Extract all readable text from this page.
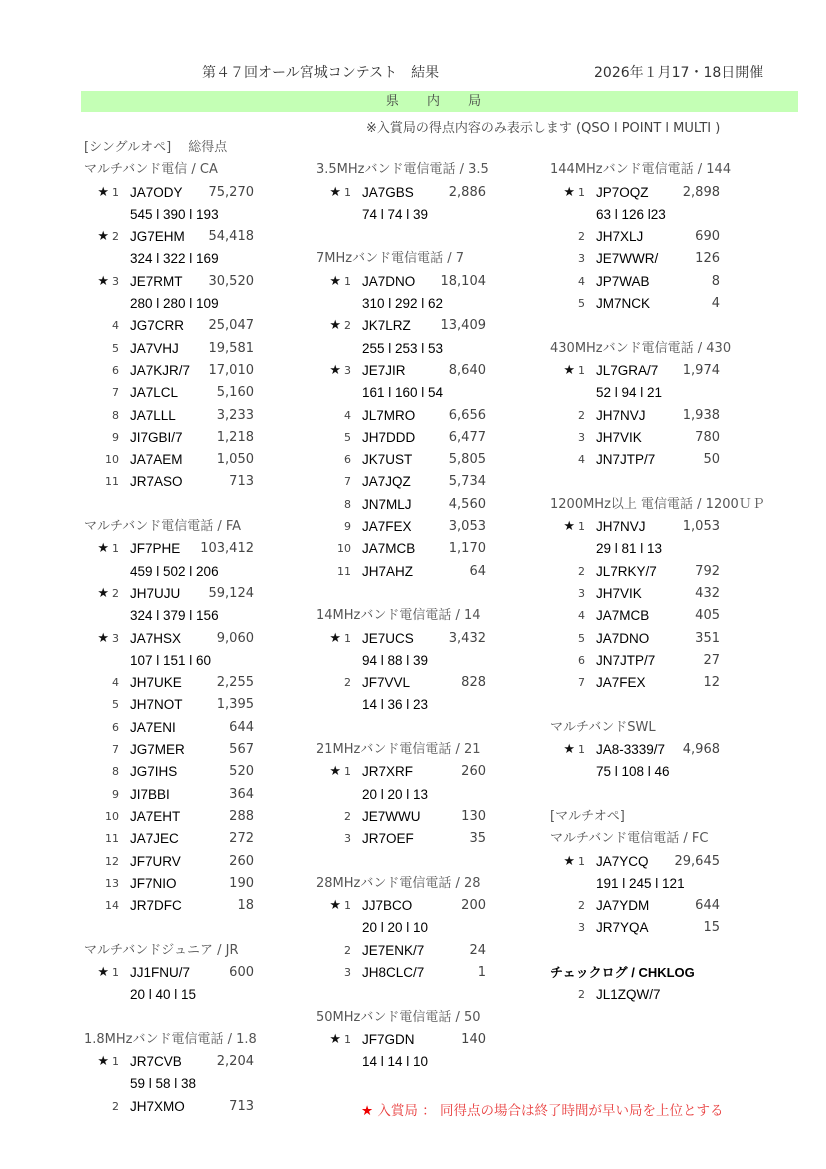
第４７回オール宮城コンテスト　結果	2026年１月17・18日開催
県 内 局
※入賞局の得点内容のみ表示します (QSO l POINT l MULTI )
[シングルオペ]　 総得点
マルチバンド電信 / CA
★ 1 JA7ODY	75,270
545 l 390 l 193
★ 2 JG7EHM	54,418
324 l 322 l 169
★ 3 JE7RMT	30,520
280 l 280 l 109
4 JG7CRR	25,047
5 JA7VHJ	19,581
6 JA7KJR/7	17,010
7 JA7LCL	5,160
8 JA7LLL	3,233
9 JI7GBI/7	1,218
10 JA7AEM	1,050
11 JR7ASO	713
マルチバンド電信電話 / FA
★ 1 JF7PHE	103,412
459 l 502 l 206
★ 2 JH7UJU	59,124
324 l 379 l 156
★ 3 JA7HSX	9,060
107 l 151 l 60
4 JH7UKE	2,255
5 JH7NOT	1,395
6 JA7ENI	644
7 JG7MER	567
8 JG7IHS	520
9 JI7BBI	364
10 JA7EHT	288
11 JA7JEC	272
12 JF7URV	260
13 JF7NIO	190
14 JR7DFC	18
マルチバンドジュニア / JR
★ 1 JJ1FNU/7	600
20 l 40 l 15
1.8MHzバンド電信電話 / 1.8
★ 1 JR7CVB	2,204
59 l 58 l 38
2 JH7XMO	713
3.5MHzバンド電信電話 / 3.5
★ 1 JA7GBS	2,886
74 l 74 l 39
7MHzバンド電信電話 / 7
★ 1 JA7DNO	18,104
310 l 292 l 62
★ 2 JK7LRZ	13,409
255 l 253 l 53
★ 3 JE7JIR	8,640
161 l 160 l 54
4 JL7MRO	6,656
5 JH7DDD	6,477
6 JK7UST	5,805
7 JA7JQZ	5,734
8 JN7MLJ	4,560
9 JA7FEX	3,053
10 JA7MCB	1,170
11 JH7AHZ	64
14MHzバンド電信電話 / 14
★ 1 JE7UCS	3,432
94 l 88 l 39
2 JF7VVL	828
14 l 36 l 23
21MHzバンド電信電話 / 21
★ 1 JR7XRF	260
20 l 20 l 13
2 JE7WWU	130
3 JR7OEF	35
28MHzバンド電信電話 / 28
★ 1 JJ7BCO	200
20 l 20 l 10
2 JE7ENK/7	24
3 JH8CLC/7	1
50MHzバンド電信電話 / 50
★ 1 JF7GDN	140
14 l 14 l 10
144MHzバンド電信電話 / 144
★ 1 JP7OQZ	2,898
63 l 126 l23
2 JH7XLJ	690
3 JE7WWR/	126
4 JP7WAB	8
5 JM7NCK	4
430MHzバンド電信電話 / 430
★ 1 JL7GRA/7	1,974
52 l 94 l 21
2 JH7NVJ	1,938
3 JH7VIK	780
4 JN7JTP/7	50
1200MHz以上 電信電話 / 1200ＵＰ
★ 1 JH7NVJ	1,053
29 l 81 l 13
2 JL7RKY/7	792
3 JH7VIK	432
4 JA7MCB	405
5 JA7DNO	351
6 JN7JTP/7	27
7 JA7FEX	12
マルチバンドSWL
★ 1 JA8-3339/7	4,968
75 l 108 l 46
[マルチオペ]
マルチバンド電信電話 / FC
★ 1 JA7YCQ	29,645
191 l 245 l 121
2 JA7YDM	644
3 JR7YQA	15
チェックログ / CHKLOG
2 JL1ZQW/7
★ 入賞局 ： 同得点の場合は終了時間が早い局を上位とする
